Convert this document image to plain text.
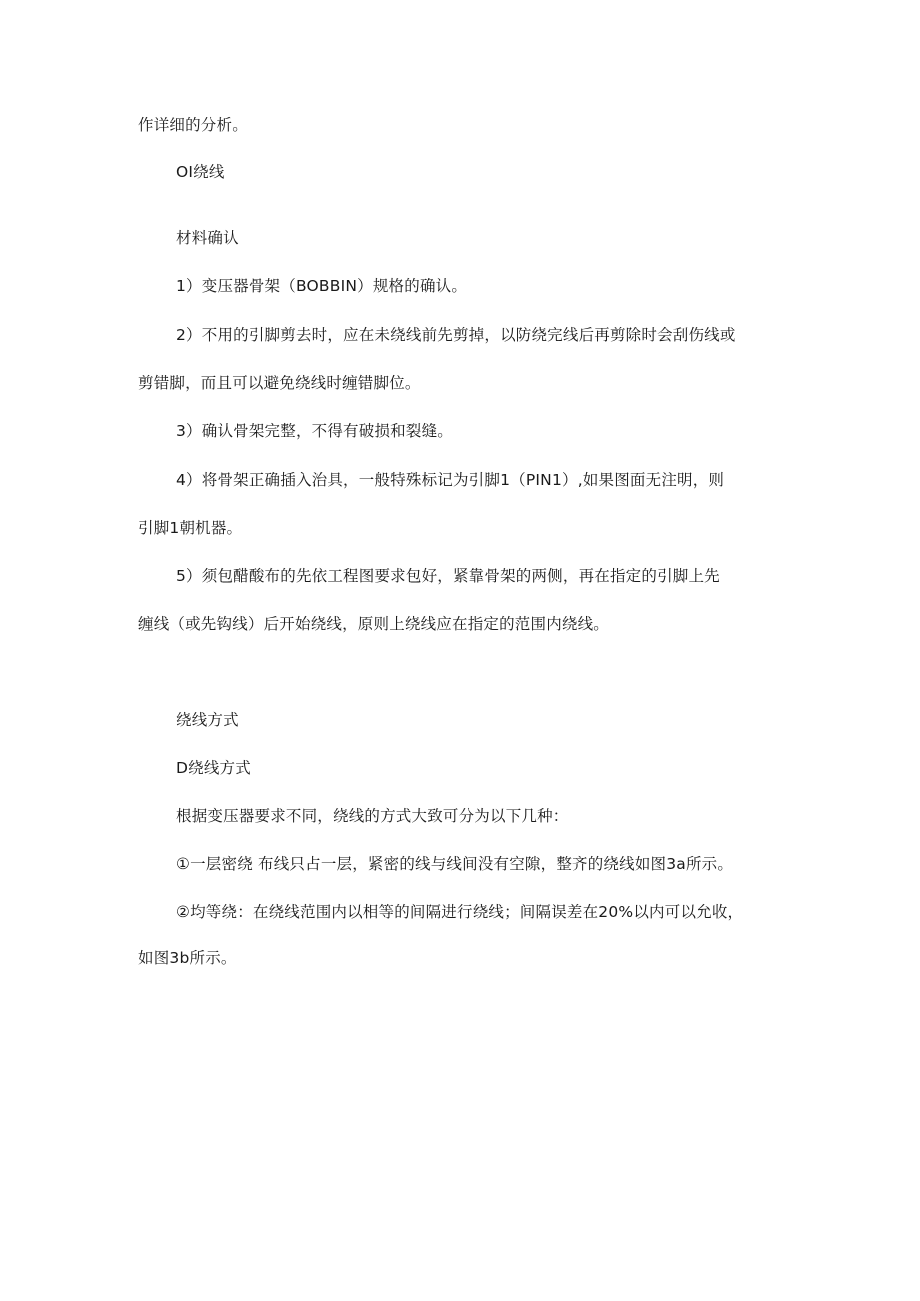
作详细的分析。
OI绕线
材料确认
1）变压器骨架（BOBBIN）规格的确认。
2）不用的引脚剪去时，应在未绕线前先剪掉，以防绕完线后再剪除时会刮伤线或
剪错脚，而且可以避免绕线时缠错脚位。
3）确认骨架完整，不得有破损和裂缝。
4）将骨架正确插入治具，一般特殊标记为引脚1（PIN1）,如果图面无注明，则
引脚1朝机器。
5）须包醋酸布的先依工程图要求包好，紧靠骨架的两侧，再在指定的引脚上先
缠线（或先钩线）后开始绕线，原则上绕线应在指定的范围内绕线。
绕线方式
D绕线方式
根据变压器要求不同，绕线的方式大致可分为以下几种：
①一层密绕 布线只占一层，紧密的线与线间没有空隙，整齐的绕线如图3a所示。
②均等绕：在绕线范围内以相等的间隔进行绕线；间隔误差在20%以内可以允收，
如图3b所示。
